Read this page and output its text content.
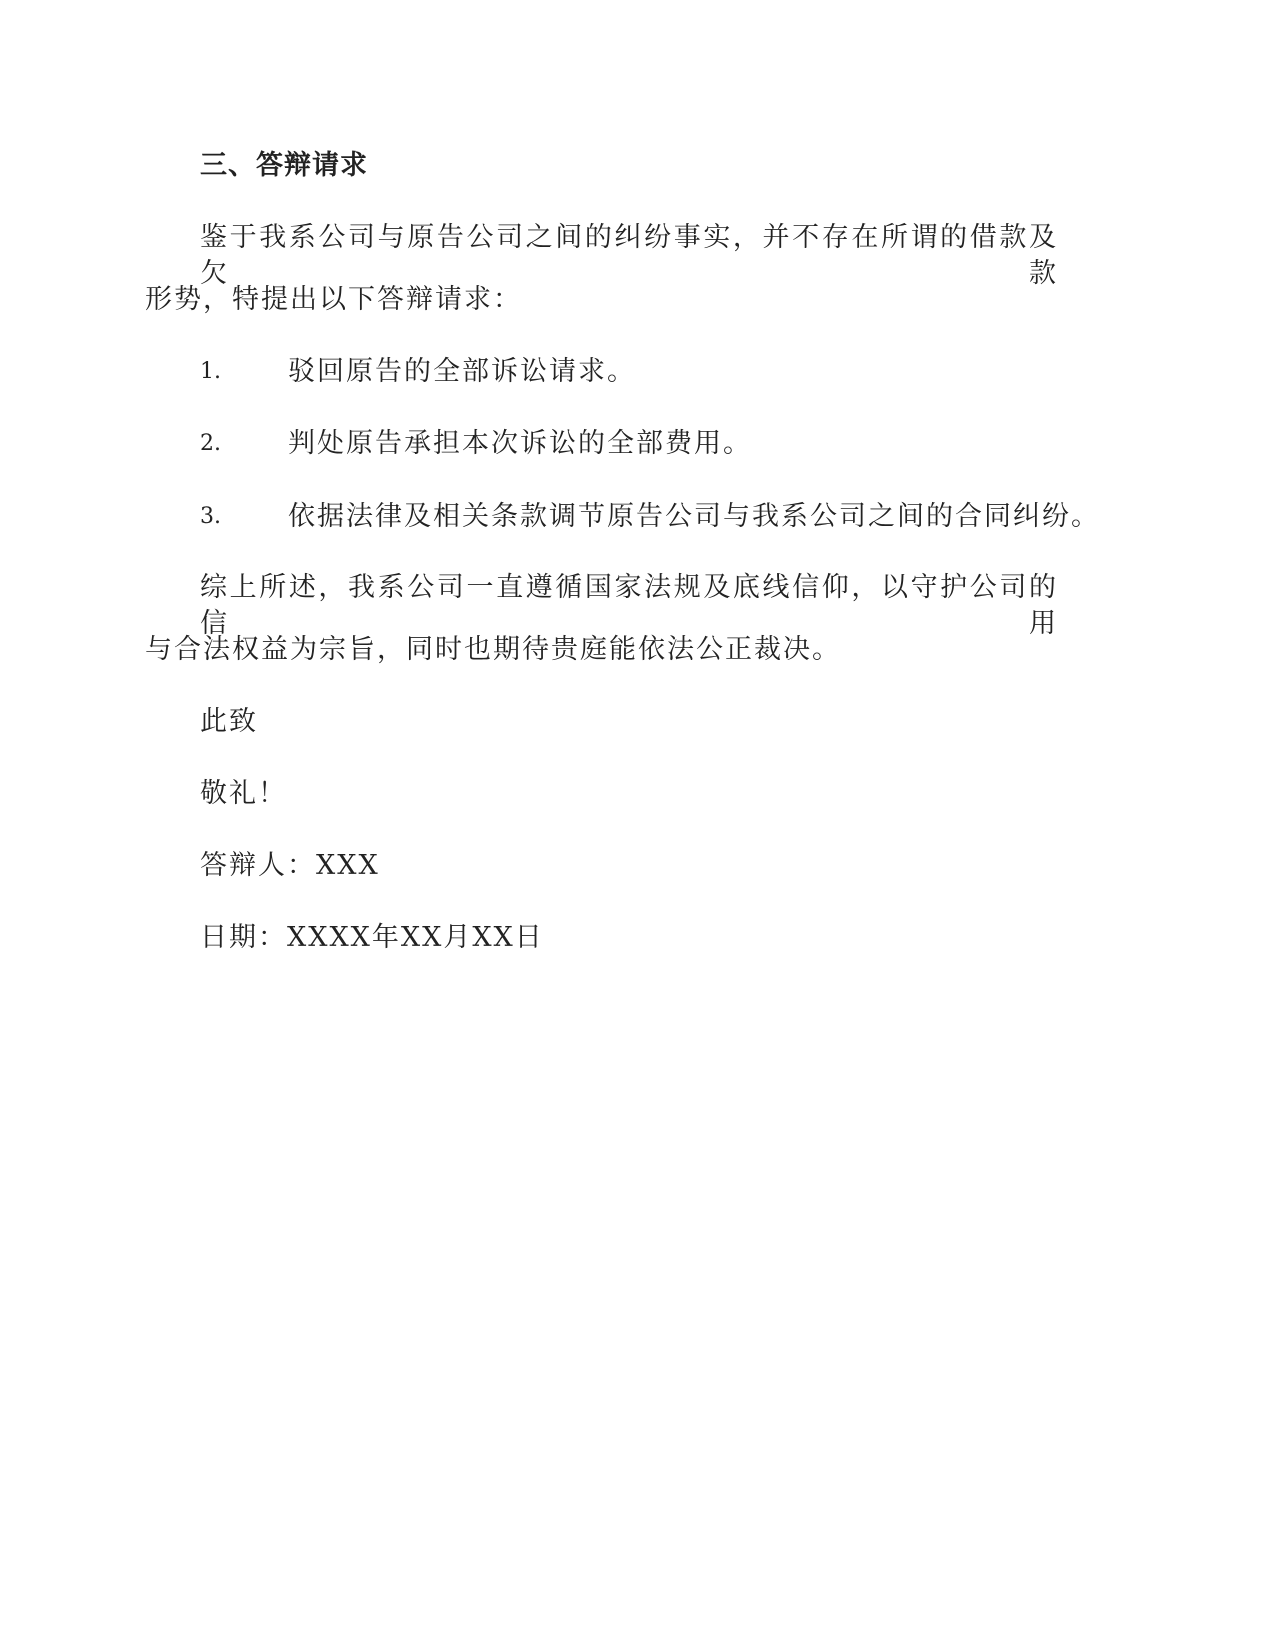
三、答辩请求
鉴于我系公司与原告公司之间的纠纷事实，并不存在所谓的借款及欠款
形势，特提出以下答辩请求：
1. 驳回原告的全部诉讼请求。
2. 判处原告承担本次诉讼的全部费用。
3. 依据法律及相关条款调节原告公司与我系公司之间的合同纠纷。
综上所述，我系公司一直遵循国家法规及底线信仰，以守护公司的信用
与合法权益为宗旨，同时也期待贵庭能依法公正裁决。
此致
敬礼！
答辩人：XXX
日期：XXXX年XX月XX日
